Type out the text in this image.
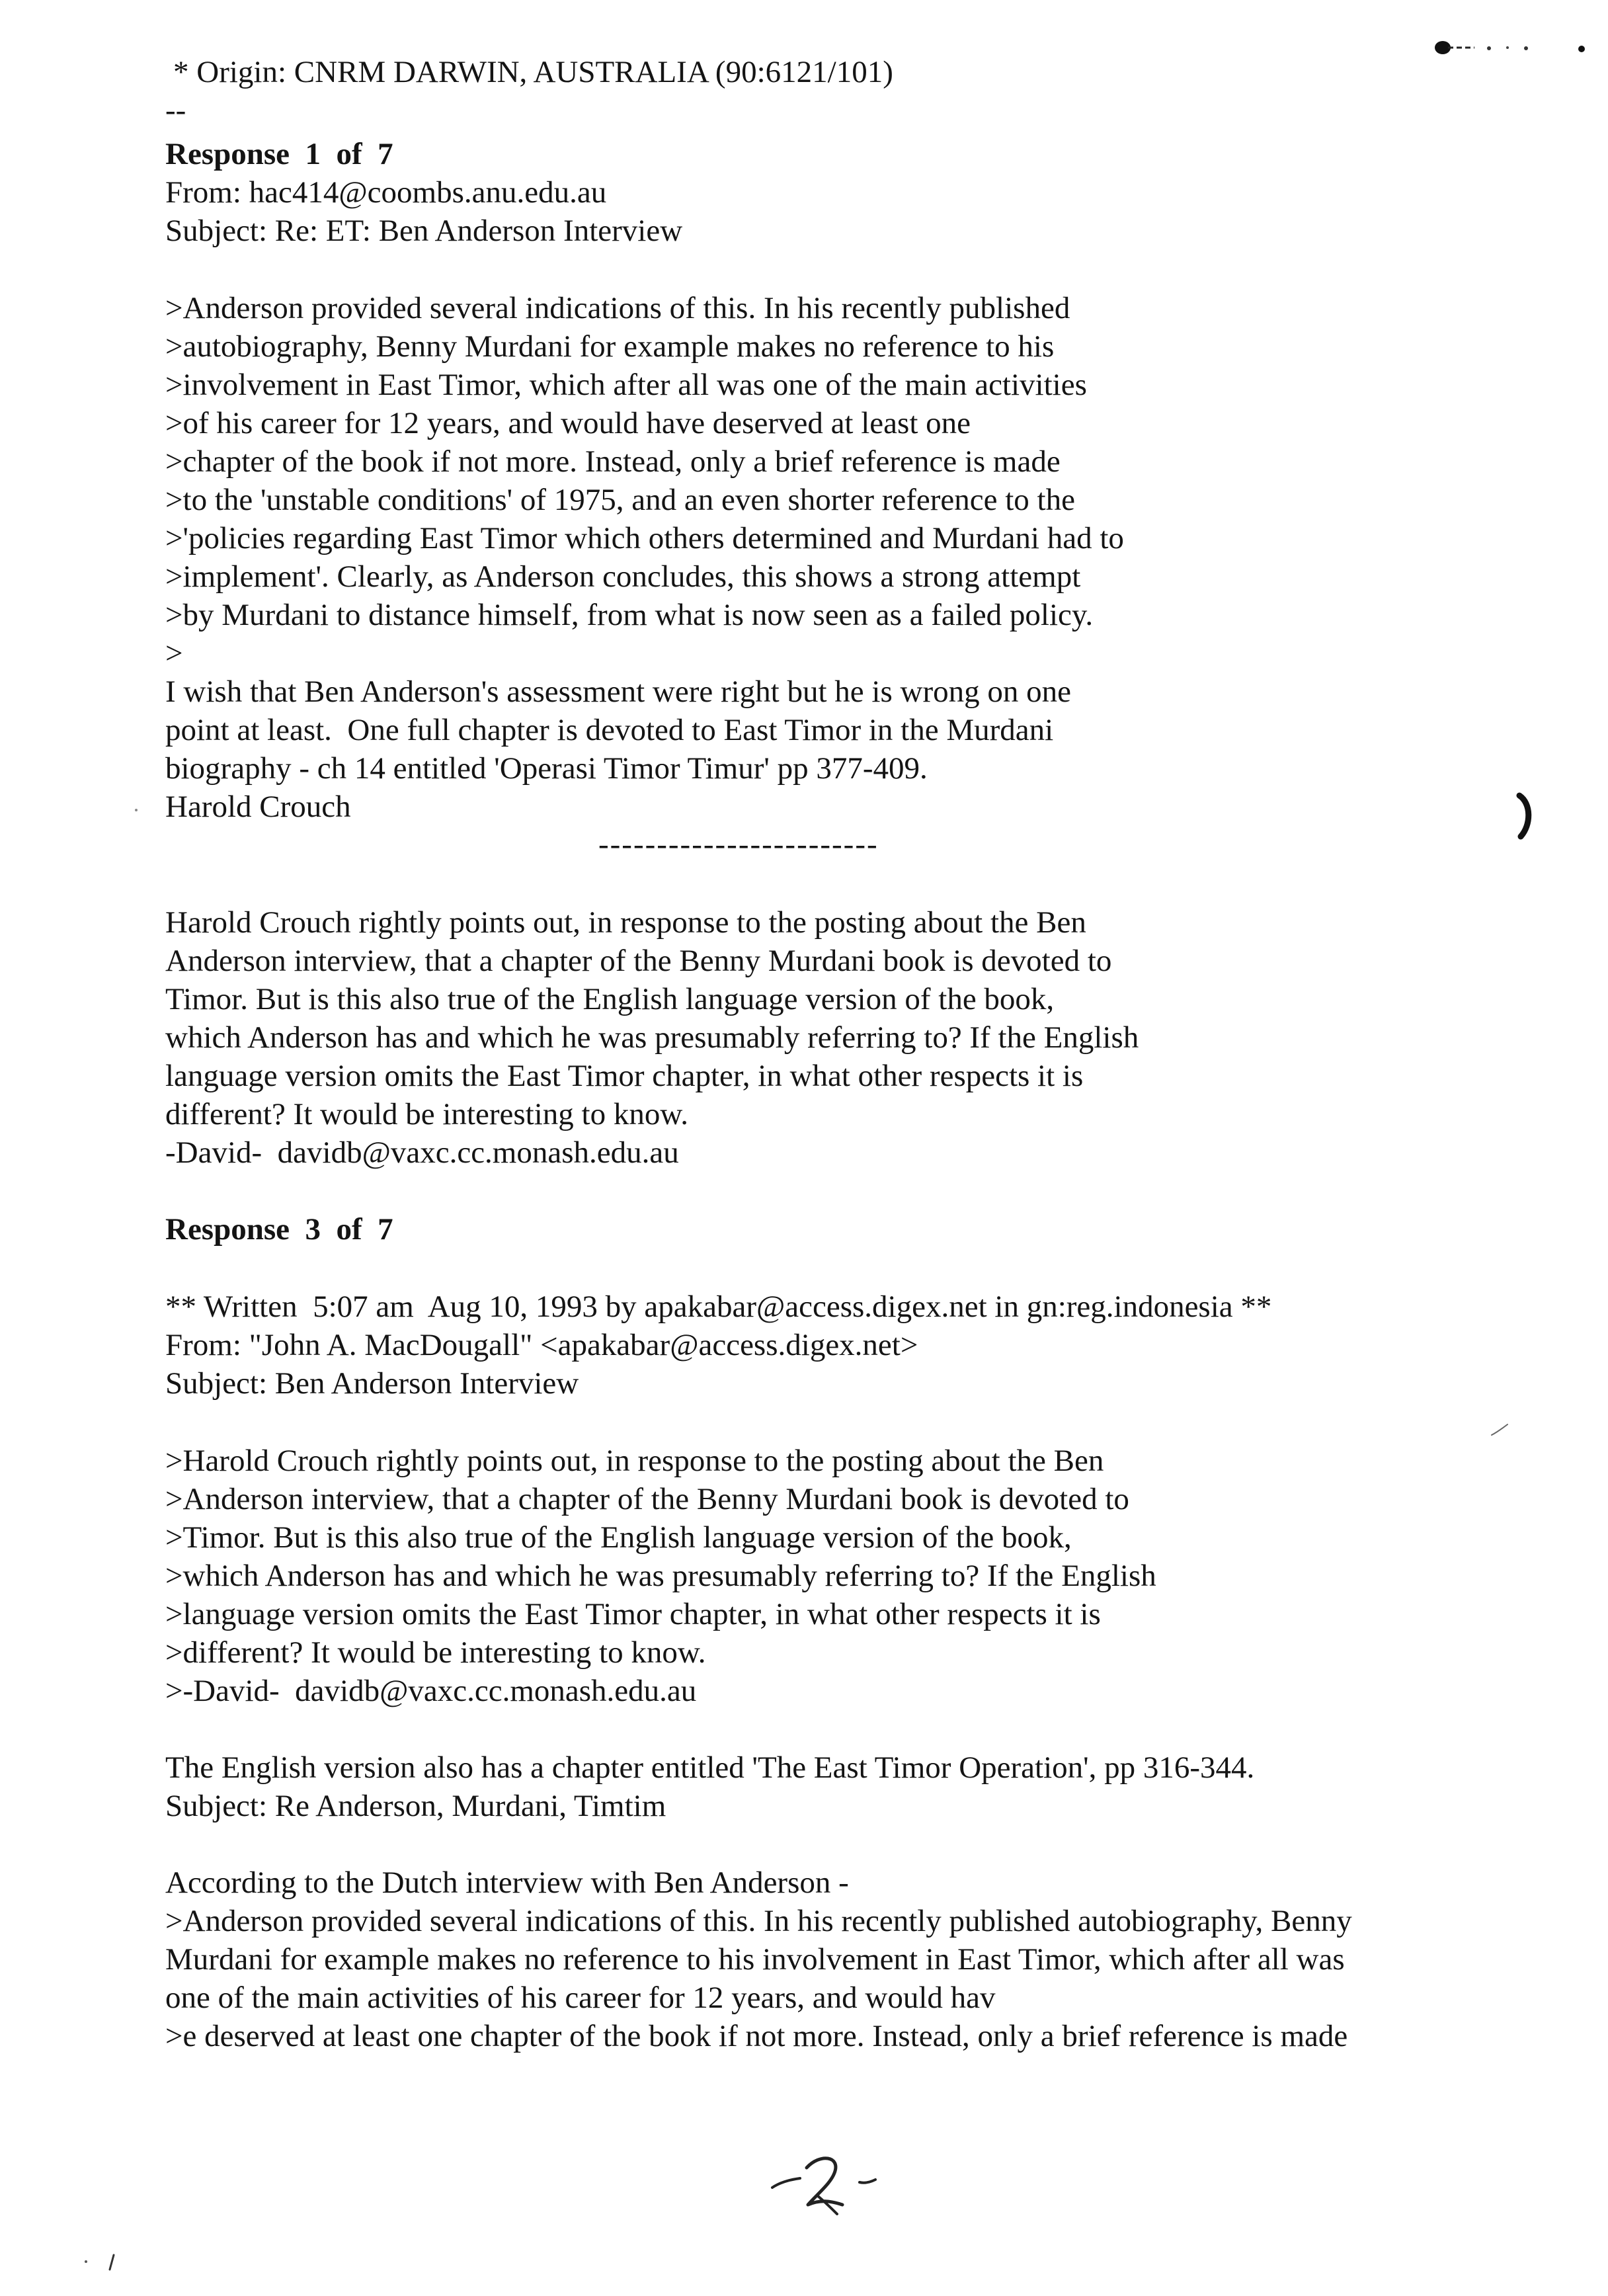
* Origin: CNRM DARWIN, AUSTRALIA (90:6121/101)
--
Response  1  of  7
From: hac414@coombs.anu.edu.au
Subject: Re: ET: Ben Anderson Interview
>Anderson provided several indications of this. In his recently published
>autobiography, Benny Murdani for example makes no reference to his
>involvement in East Timor, which after all was one of the main activities
>of his career for 12 years, and would have deserved at least one
>chapter of the book if not more. Instead, only a brief reference is made
>to the 'unstable conditions' of 1975, and an even shorter reference to the
>'policies regarding East Timor which others determined and Murdani had to
>implement'. Clearly, as Anderson concludes, this shows a strong attempt
>by Murdani to distance himself, from what is now seen as a failed policy.
>
I wish that Ben Anderson's assessment were right but he is wrong on one
point at least.  One full chapter is devoted to East Timor in the Murdani
biography - ch 14 entitled 'Operasi Timor Timur' pp 377-409.
Harold Crouch
------------------------
Harold Crouch rightly points out, in response to the posting about the Ben
Anderson interview, that a chapter of the Benny Murdani book is devoted to
Timor. But is this also true of the English language version of the book,
which Anderson has and which he was presumably referring to? If the English
language version omits the East Timor chapter, in what other respects it is
different? It would be interesting to know.
-David-  davidb@vaxc.cc.monash.edu.au
Response  3  of  7
** Written  5:07 am  Aug 10, 1993 by apakabar@access.digex.net in gn:reg.indonesia **
From: "John A. MacDougall" <apakabar@access.digex.net>
Subject: Ben Anderson Interview
>Harold Crouch rightly points out, in response to the posting about the Ben
>Anderson interview, that a chapter of the Benny Murdani book is devoted to
>Timor. But is this also true of the English language version of the book,
>which Anderson has and which he was presumably referring to? If the English
>language version omits the East Timor chapter, in what other respects it is
>different? It would be interesting to know.
>-David-  davidb@vaxc.cc.monash.edu.au
The English version also has a chapter entitled 'The East Timor Operation', pp 316-344.
Subject: Re Anderson, Murdani, Timtim
According to the Dutch interview with Ben Anderson -
>Anderson provided several indications of this. In his recently published autobiography, Benny
Murdani for example makes no reference to his involvement in East Timor, which after all was
one of the main activities of his career for 12 years, and would hav
>e deserved at least one chapter of the book if not more. Instead, only a brief reference is made
